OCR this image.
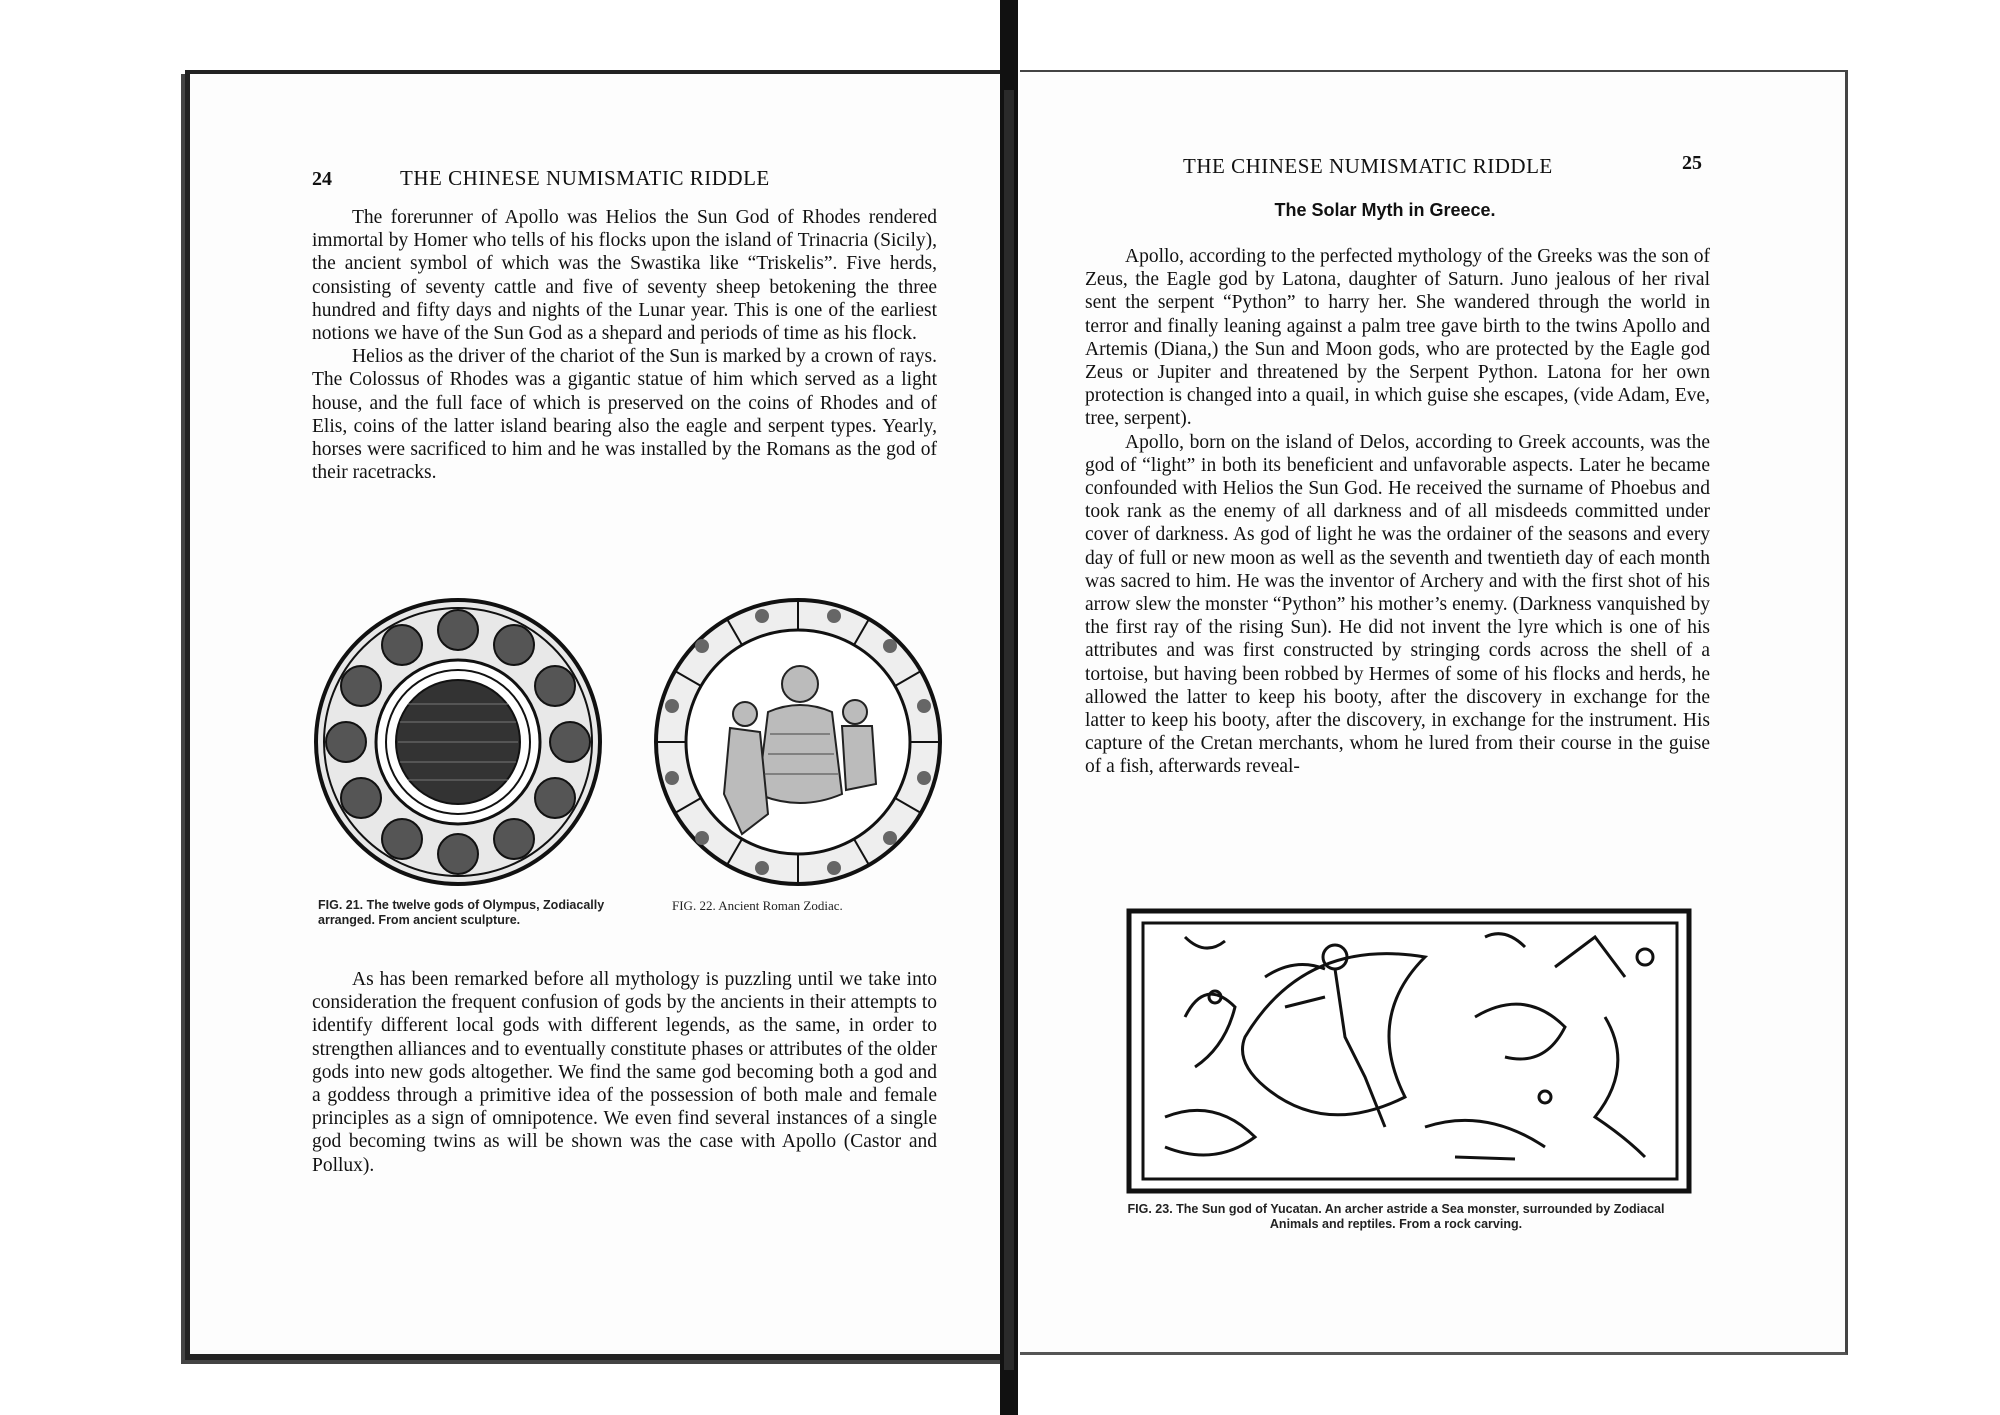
24	THE CHINESE NUMISMATIC RIDDLE

The forerunner of Apollo was Helios the Sun God of Rhodes rendered immortal by Homer who tells of his flocks upon the island of Trinacria (Sicily), the ancient symbol of which was the Swastika like “Triskelis”. Five herds, consisting of seventy cattle and five of seventy sheep betokening the three hundred and fifty days and nights of the Lunar year. This is one of the earliest notions we have of the Sun God as a shepard and periods of time as his flock.

Helios as the driver of the chariot of the Sun is marked by a crown of rays. The Colossus of Rhodes was a gigantic statue of him which served as a light house, and the full face of which is preserved on the coins of Rhodes and of Elis, coins of the latter island bearing also the eagle and serpent types. Yearly, horses were sacrificed to him and he was installed by the Romans as the god of their racetracks.

FIG. 21. The twelve gods of Olympus, Zodiacally arranged. From ancient sculpture.
FIG. 22. Ancient Roman Zodiac.

As has been remarked before all mythology is puzzling until we take into consideration the frequent confusion of gods by the ancients in their attempts to identify different local gods with different legends, as the same, in order to strengthen alliances and to eventually constitute phases or attributes of the older gods into new gods altogether. We find the same god becoming both a god and a goddess through a primitive idea of the possession of both male and female principles as a sign of omnipotence. We even find several instances of a single god becoming twins as will be shown was the case with Apollo (Castor and Pollux).

THE CHINESE NUMISMATIC RIDDLE	25
The Solar Myth in Greece.

Apollo, according to the perfected mythology of the Greeks was the son of Zeus, the Eagle god by Latona, daughter of Saturn. Juno jealous of her rival sent the serpent “Python” to harry her. She wandered through the world in terror and finally leaning against a palm tree gave birth to the twins Apollo and Artemis (Diana,) the Sun and Moon gods, who are protected by the Eagle god Zeus or Jupiter and threatened by the Serpent Python. Latona for her own protection is changed into a quail, in which guise she escapes, (vide Adam, Eve, tree, serpent).

Apollo, born on the island of Delos, according to Greek accounts, was the god of “light” in both its beneficient and unfavorable aspects. Later he became confounded with Helios the Sun God. He received the surname of Phoebus and took rank as the enemy of all darkness and of all misdeeds committed under cover of darkness. As god of light he was the ordainer of the seasons and every day of full or new moon as well as the seventh and twentieth day of each month was sacred to him. He was the inventor of Archery and with the first shot of his arrow slew the monster “Python” his mother’s enemy. (Darkness vanquished by the first ray of the rising Sun). He did not invent the lyre which is one of his attributes and was first constructed by stringing cords across the shell of a tortoise, but having been robbed by Hermes of some of his flocks and herds, he allowed the latter to keep his booty, after the discovery in exchange for the latter to keep his booty, after the discovery, in exchange for the instrument. His capture of the Cretan merchants, whom he lured from their course in the guise of a fish, afterwards reveal-

FIG. 23. The Sun god of Yucatan. An archer astride a Sea monster, surrounded by Zodiacal Animals and reptiles. From a rock carving.
